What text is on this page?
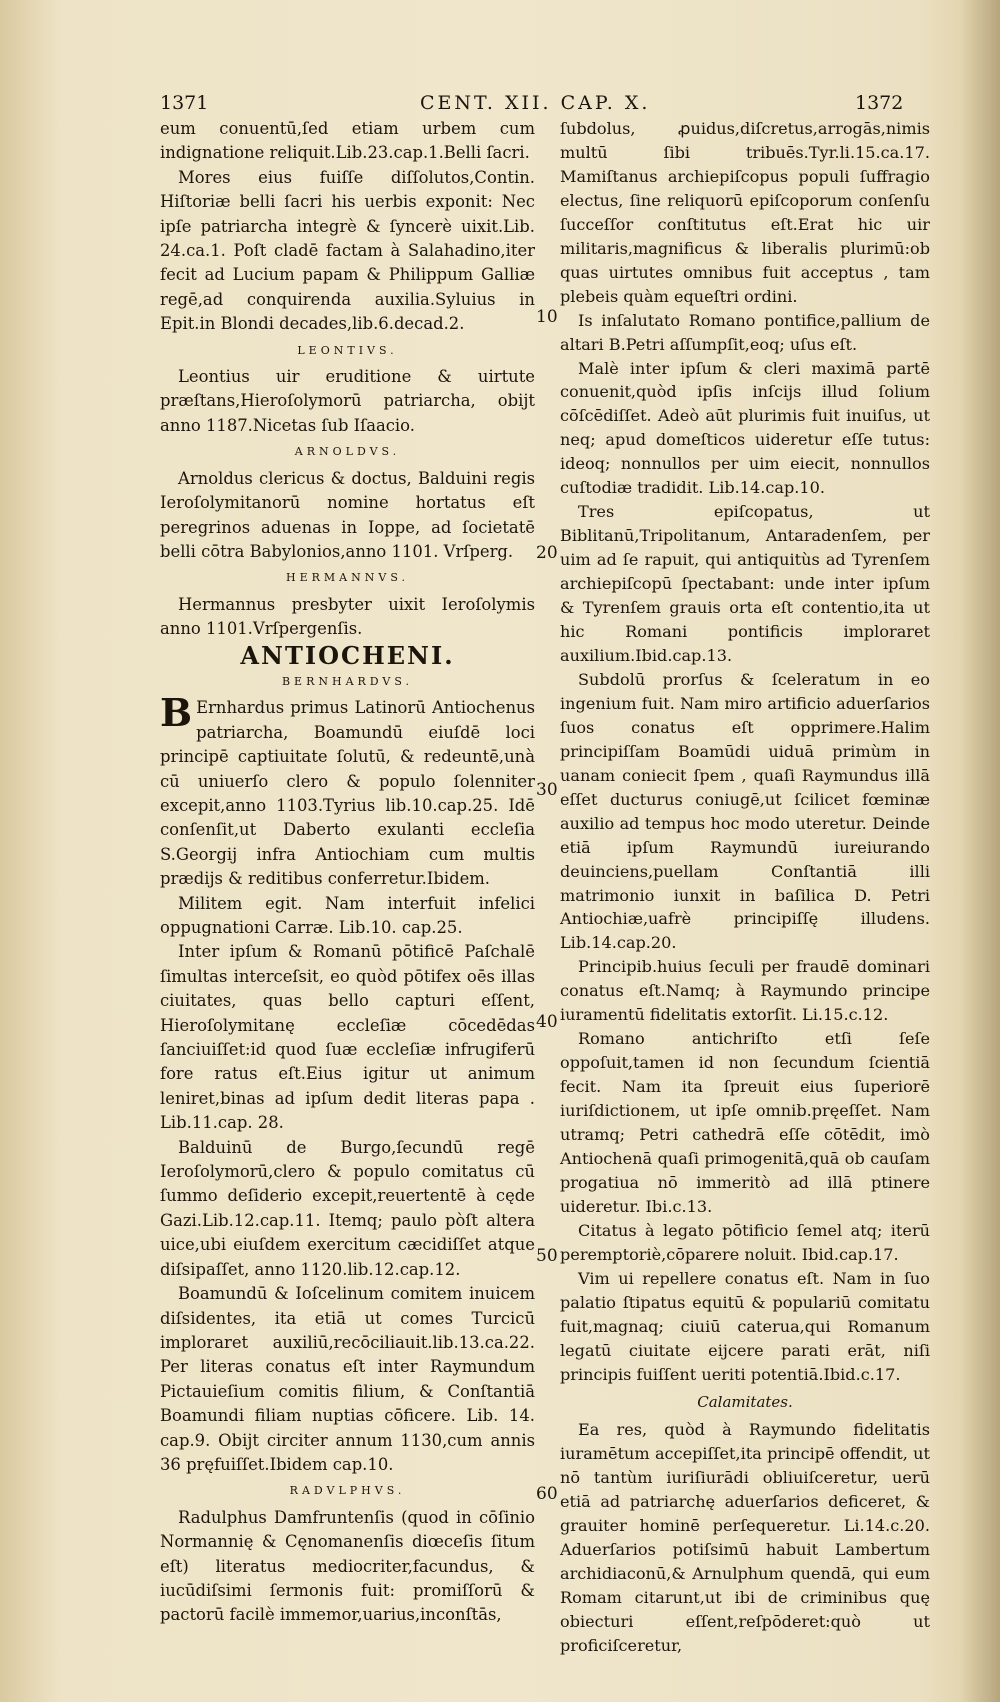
1371	CENT. XII. CAP. X.	1372

eum conuentū,ſed etiam urbem cum indignatione reliquit.Lib.23.cap.1.Belli ſacri.

Mores eius fuiſſe diſſolutos,Contin. Hiſtoriæ belli ſacri his uerbis exponit: Nec ipſe patriarcha integrè & ſyncerè uixit.Lib. 24.ca.1. Poſt cladē factam à Salahadino,iter fecit ad Lucium papam & Philippum Galliæ regē,ad conquirenda auxilia.Syluius in Epit.in Blondi decades,lib.6.decad.2.

LEONTIVS.

Leontius uir eruditione & uirtute præſtans,Hieroſolymorū patriarcha, obijt anno 1187.Nicetas ſub Iſaacio.

ARNOLDVS.

Arnoldus clericus & doctus, Balduini regis Ieroſolymitanorū nomine hortatus eſt peregrinos aduenas in Ioppe, ad ſocietatē belli cōtra Babylonios,anno 1101. Vrſperg.

HERMANNVS.

Hermannus presbyter uixit Ieroſolymis anno 1101.Vrſpergenſis.

ANTIOCHENI.

BERNHARDVS.

B Ernhardus primus Latinorū Antiochenus patriarcha, Boamundū eiuſdē loci principē captiuitate ſolutū, & redeuntē,unà cū uniuerſo clero & populo ſolenniter excepit,anno 1103.Tyrius lib.10.cap.25. Idē conſenſit,ut Daberto exulanti eccleſia S.Georgij infra Antiochiam cum multis prædijs & reditibus conferretur.Ibidem.

Militem egit. Nam interfuit infelici oppugnationi Carræ. Lib.10. cap.25.

Inter ipſum & Romanū pōtificē Paſchalē ſimultas interceſsit, eo quòd pōtifex oēs illas ciuitates, quas bello capturi eſſent, Hieroſolymitanę eccleſiæ cōcedēdas ſanciuiſſet:id quod ſuæ eccleſiæ infrugiferū fore ratus eſt.Eius igitur ut animum leniret,binas ad ipſum dedit literas papa . Lib.11.cap. 28.

Balduinū de Burgo,ſecundū regē Ieroſolymorū,clero & populo comitatus cū ſummo deſiderio excepit,reuertentē à cęde Gazi.Lib.12.cap.11. Itemq; paulo pòſt altera uice,ubi eiuſdem exercitum cæcidiſſet atque diſsipaſſet, anno 1120.lib.12.cap.12.

Boamundū & Ioſcelinum comitem inuicem diſsidentes, ita etiā ut comes Turcicū imploraret auxiliū,recōciliauit.lib.13.ca.22. Per literas conatus eſt inter Raymundum Pictauieſium comitis filium, & Conſtantiā Boamundi filiam nuptias cōficere. Lib. 14. cap.9. Obijt circiter annum 1130,cum annis 36 pręfuiſſet.Ibidem cap.10.

RADVLPHVS.

Radulphus Damfruntenſis (quod in cōſinio Normannię & Cęnomanenſis diœceſis ſitum eſt) literatus mediocriter,facundus, & iucūdiſsimi ſermonis fuit: promiſſorū & pactorū facilè immemor,uarius,inconſtās,

ſubdolus, ꝓuidus,diſcretus,arrogās,nimis multū ſibi tribuēs.Tyr.li.15.ca.17. Mamiſtanus archiepiſcopus populi ſuffragio electus, ſine reliquorū epiſcoporum conſenſu ſucceſſor conſtitutus eſt.Erat hic uir militaris,magnificus & liberalis plurimū:ob quas uirtutes omnibus fuit acceptus , tam plebeis quàm equeſtri ordini.

Is inſalutato Romano pontifice,pallium de altari B.Petri aſſumpſit,eoq; uſus eſt.

Malè inter ipſum & cleri maximā partē conuenit,quòd ipſis inſcijs illud ſolium cōſcēdiſſet. Adeò aūt plurimis fuit inuiſus, ut neq; apud domeſticos uideretur eſſe tutus: ideoq; nonnullos per uim eiecit, nonnullos cuſtodiæ tradidit. Lib.14.cap.10.

Tres epiſcopatus, ut Biblitanū,Tripolitanum, Antaradenſem, per uim ad ſe rapuit, qui antiquitùs ad Tyrenſem archiepiſcopū ſpectabant: unde inter ipſum & Tyrenſem grauis orta eſt contentio,ita ut hic Romani pontificis imploraret auxilium.Ibid.cap.13.

Subdolū prorſus & ſceleratum in eo ingenium fuit. Nam miro artificio aduerſarios ſuos conatus eſt opprimere.Halim principiſſam Boamūdi uiduā primùm in uanam coniecit ſpem , quaſi Raymundus illā eſſet ducturus coniugē,ut ſcilicet fœminæ auxilio ad tempus hoc modo uteretur. Deinde etiā ipſum Raymundū iureiurando deuinciens,puellam Conſtantiā illi matrimonio iunxit in baſilica D. Petri Antiochiæ,uafrè principiſſę illudens. Lib.14.cap.20.

Principib.huius ſeculi per fraudē dominari conatus eſt.Namq; à Raymundo principe iuramentū fidelitatis extorſit. Li.15.c.12.

Romano antichriſto etſi ſeſe oppoſuit,tamen id non ſecundum ſcientiā fecit. Nam ita ſpreuit eius ſuperiorē iuriſdictionem, ut ipſe omnib.pręeſſet. Nam utramq; Petri cathedrā eſſe cōtēdit, imò Antiochenā quaſi primogenitā,quā ob cauſam progatiua nō immeritò ad illā ptinere uideretur. Ibi.c.13.

Citatus à legato pōtificio ſemel atq; iterū peremptoriè,cōparere noluit. Ibid.cap.17.

Vim ui repellere conatus eſt. Nam in ſuo palatio ſtipatus equitū & populariū comitatu fuit,magnaq; ciuiū caterua,qui Romanum legatū ciuitate eijcere parati erāt, niſi principis fuiſſent ueriti potentiā.Ibid.c.17.

Calamitates.

Ea res, quòd à Raymundo fidelitatis iuramētum accepiſſet,ita principē offendit, ut nō tantùm iuriſiurādi obliuiſceretur, uerū etiā ad patriarchę aduerſarios deficeret, & grauiter hominē perſequeretur. Li.14.c.20. Aduerſarios potiſsimū habuit Lambertum archidiaconū,& Arnulphum quendā, qui eum Romam citarunt,ut ibi de criminibus quę obiecturi eſſent,reſpōderet:quò ut proficiſceretur,

10
20
30
40
50
60
